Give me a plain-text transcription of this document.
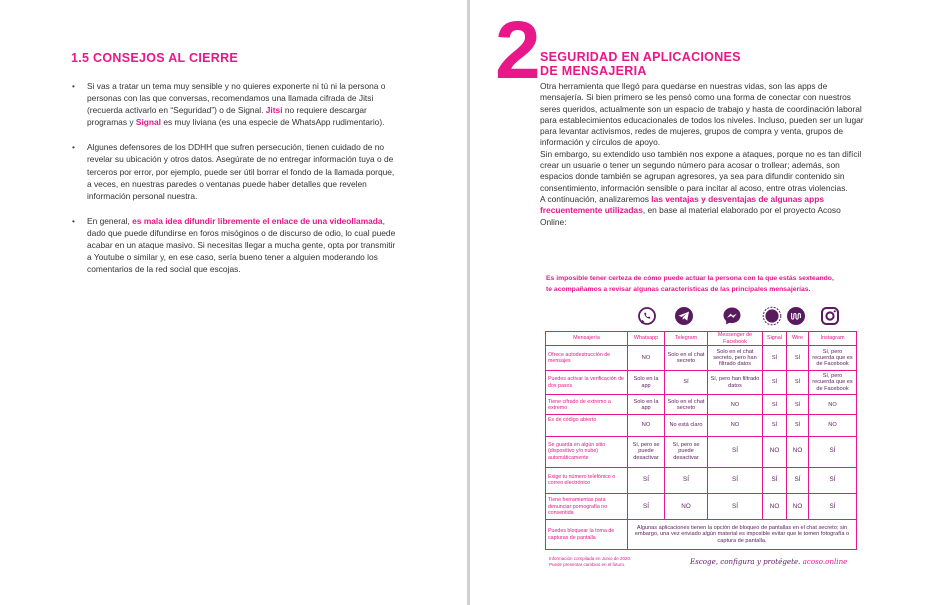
1.5 CONSEJOS AL CIERRE
• Si vas a tratar un tema muy sensible y no quieres exponerte ni tú ni la persona o personas con las que conversas, recomendamos una llamada cifrada de Jitsi (recuerda activarlo en “Seguridad”) o de Signal. Jitsi no requiere descargar programas y Signal es muy liviana (es una especie de WhatsApp rudimentario).
• Algunes defensores de los DDHH que sufren persecución, tienen cuidado de no revelar su ubicación y otros datos. Asegúrate de no entregar información tuya o de terceros por error, por ejemplo, puede ser útil borrar el fondo de la llamada porque, a veces, en nuestras paredes o ventanas puede haber detalles que revelen información personal nuestra.
• En general, es mala idea difundir libremente el enlace de una videollamada, dado que puede difundirse en foros misóginos o de discurso de odio, lo cual puede acabar en un ataque masivo. Si necesitas llegar a mucha gente, opta por transmitir a Youtube o similar y, en ese caso, sería bueno tener a alguien moderando los comentarios de la red social que escojas.
2 SEGURIDAD EN APLICACIONES
DE MENSAJERIA

Otra herramienta que llegó para quedarse en nuestras vidas, son las apps de mensajería. Si bien primero se les pensó como una forma de conectar con nuestros seres queridos, actualmente son un espacio de trabajo y hasta de coordinación laboral para establecimientos educacionales de todos los niveles. Incluso, pueden ser un lugar para levantar activismos, redes de mujeres, grupos de compra y venta, grupos de información y círculos de apoyo.

Sin embargo, su extendido uso también nos expone a ataques, porque no es tan difícil crear un usuarie o tener un segundo número para acosar o trollear; además, son espacios donde también se agrupan agresores, ya sea para difundir contenido sin consentimiento, información sensible o para incitar al acoso, entre otras violencias.

A continuación, analizaremos las ventajas y desventajas de algunas apps frecuentemente utilizadas, en base al material elaborado por el proyecto Acoso Online:

Es imposible tener certeza de cómo puede actuar la persona con la que estás sexteando,
te acompañamos a revisar algunas características de las principales mensajerías.
Mensajería	Whatsapp	Telegram	Messenger de Facebook	Signal	Wire	Instagram
Ofrece autodestrucción de mensajes	NO	Solo en el chat secreto	Solo en el chat secreto, pero han filtrado datos	SÍ	SÍ	Sí, pero recuerda que es de Facebook
Puedes activar la verificación de dos pasos	Solo en la app	SÍ	Sí, pero han filtrado datos	SÍ	SÍ	Sí, pero recuerda que es de Facebook
Tiene cifrado de extremo a extremo	Solo en la app	Solo en el chat secreto	NO	SÍ	SÍ	NO
Es de código abierto	NO	No está claro	NO	SÍ	SÍ	NO
Se guarda en algún sitio (dispositivo y/o nube) automáticamente	Sí, pero se puede desactivar	Sí, pero se puede desactivar	SÍ	NO	NO	SÍ
Exige tu número telefónico o correo electrónico	SÍ	SÍ	SÍ	SÍ	SÍ	SÍ
Tiene herramientas para denunciar pornografía no consentida	SÍ	NO	SÍ	NO	NO	SÍ
Puedes bloquear la toma de capturas de pantalla	Algunas aplicaciones tienen la opción de bloqueo de pantallas en el chat secreto; sin embargo, una vez enviado algún material es imposible evitar que le tomen fotografía o captura de pantalla.					
Información compilada en Junio de 2020.
Puede presentar cambios en el futuro.	Escoge, configura y protégete. acoso.online
